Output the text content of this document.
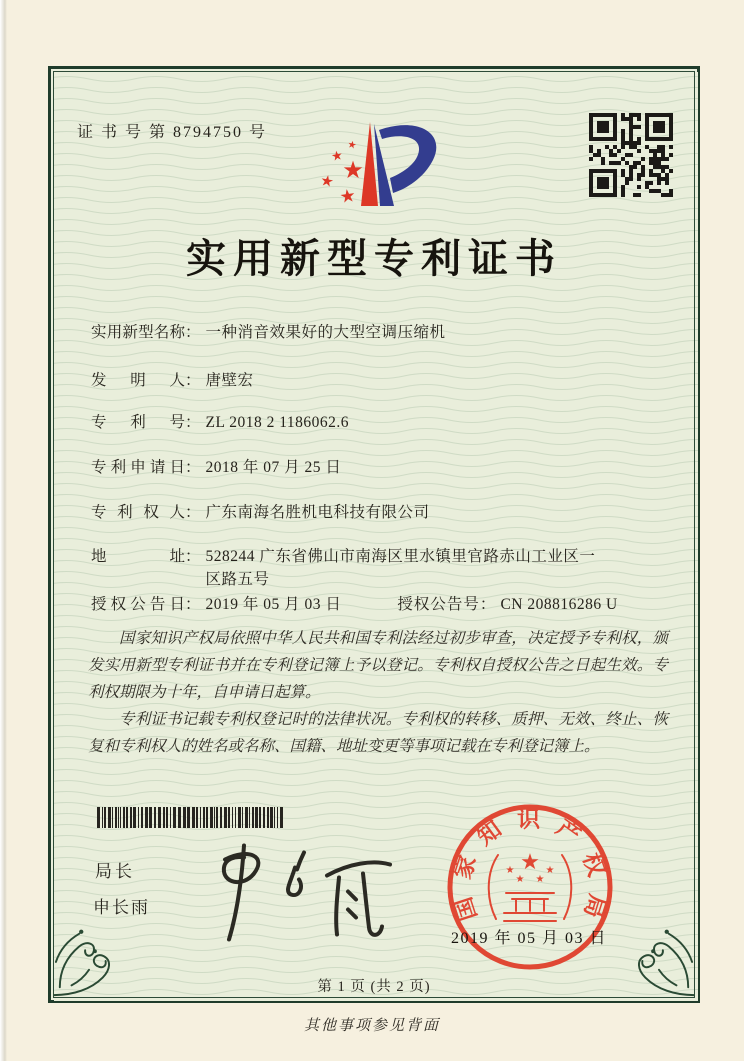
证 书 号 第 8794750 号
★
★
★
★
★
实用新型专利证书
实用新型名称 ： 一种消音效果好的大型空调压缩机
发明人 ： 唐壁宏
专利号 ： ZL 2018 2 1186062.6
专利申请日 ： 2018 年 07 月 25 日
专利权人 ： 广东南海名胜机电科技有限公司
地址 ： 528244 广东省佛山市南海区里水镇里官路赤山工业区一
区路五号
授权公告日 ： 2019 年 05 月 03 日	授权公告号 ： CN 208816286 U

国家知识产权局依照中华人民共和国专利法经过初步审查，决定授予专利权，颁发实用新型专利证书并在专利登记簿上予以登记。专利权自授权公告之日起生效。专利权期限为十年，自申请日起算。

专利证书记载专利权登记时的法律状况。专利权的转移、质押、无效、终止、恢复和专利权人的姓名或名称、国籍、地址变更等事项记载在专利登记簿上。

局长
申长雨	国家知识产权局
★
★
★ ★
★
2019 年 05 月 03 日
第 1 页 (共 2 页)
其他事项参见背面
